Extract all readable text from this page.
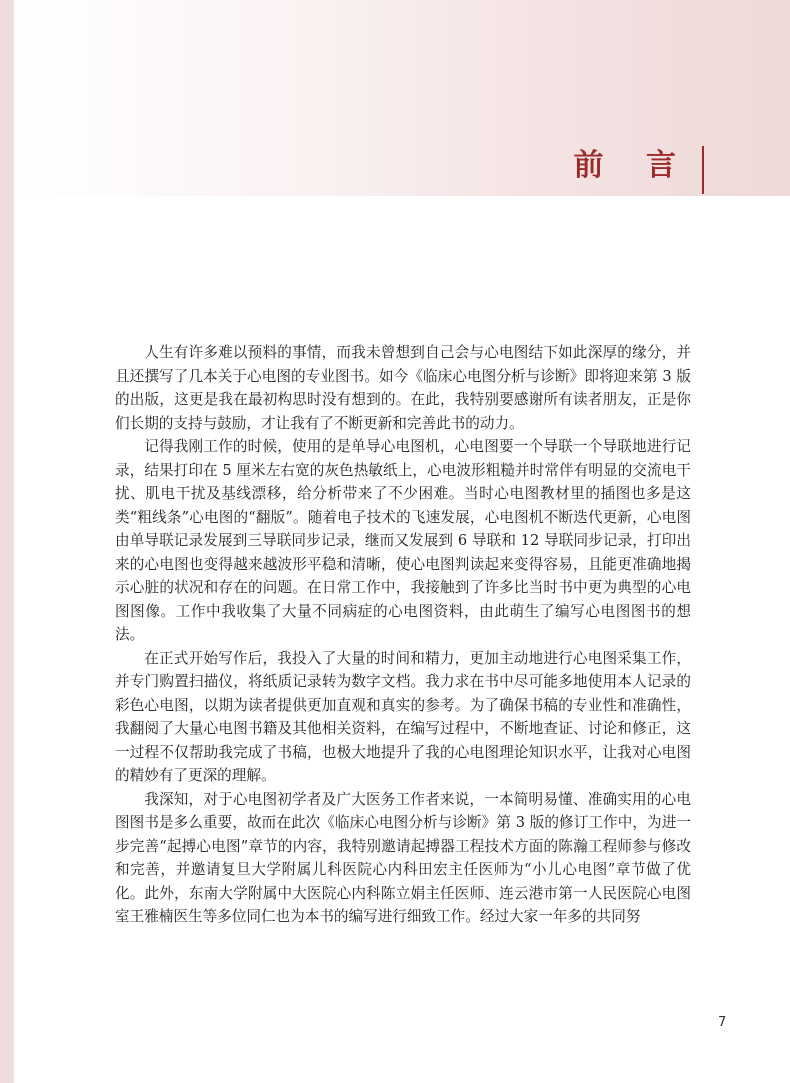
前 言

人生有许多难以预料的事情，而我未曾想到自己会与心电图结下如此深厚的缘分，并且还撰写了几本关于心电图的专业图书。如今《临床心电图分析与诊断》即将迎来第 3 版的出版，这更是我在最初构思时没有想到的。在此，我特别要感谢所有读者朋友，正是你们长期的支持与鼓励，才让我有了不断更新和完善此书的动力。

记得我刚工作的时候，使用的是单导心电图机，心电图要一个导联一个导联地进行记录，结果打印在 5 厘米左右宽的灰色热敏纸上，心电波形粗糙并时常伴有明显的交流电干扰、肌电干扰及基线漂移，给分析带来了不少困难。当时心电图教材里的插图也多是这类“粗线条”心电图的“翻版”。随着电子技术的飞速发展，心电图机不断迭代更新，心电图由单导联记录发展到三导联同步记录，继而又发展到 6 导联和 12 导联同步记录，打印出来的心电图也变得越来越波形平稳和清晰，使心电图判读起来变得容易，且能更准确地揭示心脏的状况和存在的问题。在日常工作中，我接触到了许多比当时书中更为典型的心电图图像。工作中我收集了大量不同病症的心电图资料，由此萌生了编写心电图图书的想法。

在正式开始写作后，我投入了大量的时间和精力，更加主动地进行心电图采集工作，并专门购置扫描仪，将纸质记录转为数字文档。我力求在书中尽可能多地使用本人记录的彩色心电图，以期为读者提供更加直观和真实的参考。为了确保书稿的专业性和准确性，我翻阅了大量心电图书籍及其他相关资料，在编写过程中，不断地查证、讨论和修正，这一过程不仅帮助我完成了书稿，也极大地提升了我的心电图理论知识水平，让我对心电图的精妙有了更深的理解。

我深知，对于心电图初学者及广大医务工作者来说，一本简明易懂、准确实用的心电图图书是多么重要，故而在此次《临床心电图分析与诊断》第 3 版的修订工作中，为进一步完善“起搏心电图”章节的内容，我特别邀请起搏器工程技术方面的陈瀚工程师参与修改和完善，并邀请复旦大学附属儿科医院心内科田宏主任医师为“小儿心电图”章节做了优化。此外，东南大学附属中大医院心内科陈立娟主任医师、连云港市第一人民医院心电图室王雅楠医生等多位同仁也为本书的编写进行细致工作。经过大家一年多的共同努

7
